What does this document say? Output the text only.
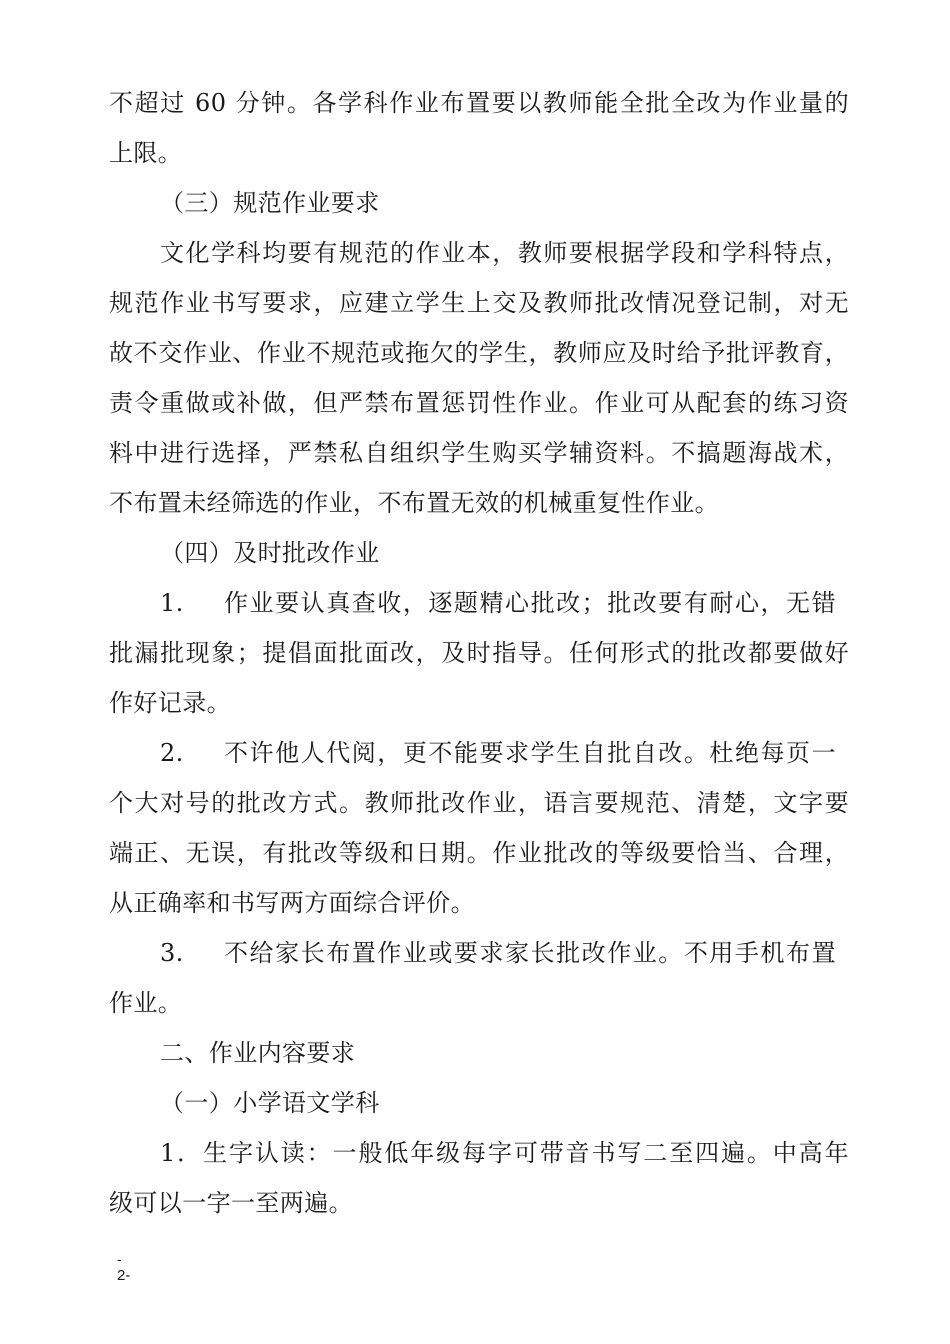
不超过 60 分钟。各学科作业布置要以教师能全批全改为作业量的
上限。
（三）规范作业要求
文化学科均要有规范的作业本，教师要根据学段和学科特点，
规范作业书写要求，应建立学生上交及教师批改情况登记制，对无
故不交作业、作业不规范或拖欠的学生，教师应及时给予批评教育，
责令重做或补做，但严禁布置惩罚性作业。作业可从配套的练习资
料中进行选择，严禁私自组织学生购买学辅资料。不搞题海战术，
不布置未经筛选的作业，不布置无效的机械重复性作业。
（四）及时批改作业
1. 作业要认真查收，逐题精心批改；批改要有耐心，无错
批漏批现象；提倡面批面改，及时指导。任何形式的批改都要做好
作好记录。
2. 不许他人代阅，更不能要求学生自批自改。杜绝每页一
个大对号的批改方式。教师批改作业，语言要规范、清楚，文字要
端正、无误，有批改等级和日期。作业批改的等级要恰当、合理，
从正确率和书写两方面综合评价。
3. 不给家长布置作业或要求家长批改作业。不用手机布置
作业。
二、作业内容要求
（一）小学语文学科
1．生字认读：一般低年级每字可带音书写二至四遍。中高年
级可以一字一至两遍。
-
2-
